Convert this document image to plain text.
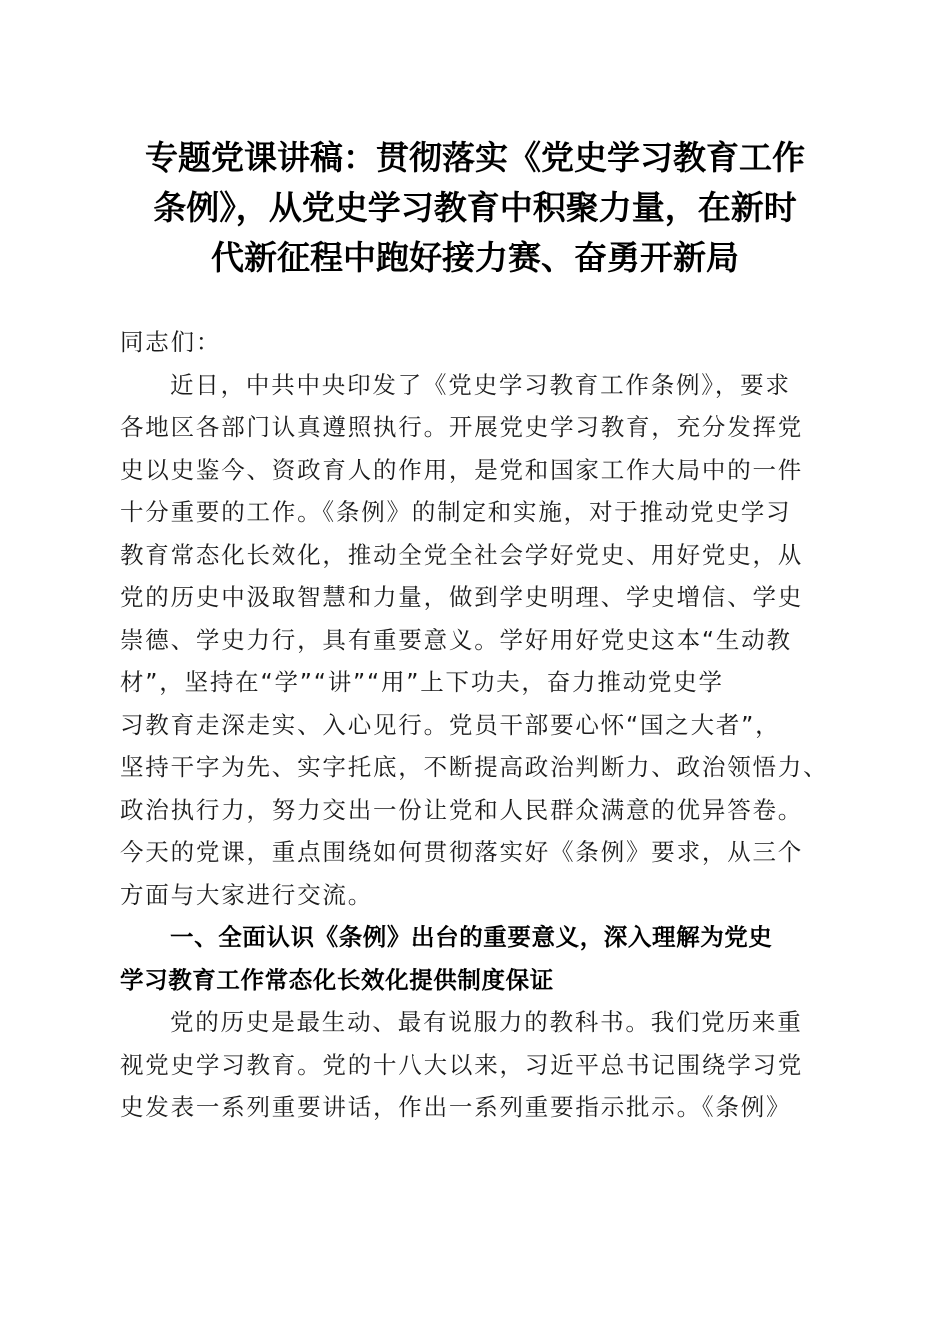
专题党课讲稿：贯彻落实《党史学习教育工作
条例》，从党史学习教育中积聚力量，在新时
代新征程中跑好接力赛、奋勇开新局
同志们：
近日，中共中央印发了《党史学习教育工作条例》，要求
各地区各部门认真遵照执行。开展党史学习教育，充分发挥党
史以史鉴今、资政育人的作用，是党和国家工作大局中的一件
十分重要的工作。《条例》的制定和实施，对于推动党史学习
教育常态化长效化，推动全党全社会学好党史、用好党史，从
党的历史中汲取智慧和力量，做到学史明理、学史增信、学史
崇德、学史力行，具有重要意义。学好用好党史这本“生动教
材”，坚持在“学”“讲”“用”上下功夫，奋力推动党史学
习教育走深走实、入心见行。党员干部要心怀“国之大者”，
坚持干字为先、实字托底，不断提高政治判断力、政治领悟力、
政治执行力，努力交出一份让党和人民群众满意的优异答卷。
今天的党课，重点围绕如何贯彻落实好《条例》要求，从三个
方面与大家进行交流。
一、全面认识《条例》出台的重要意义，深入理解为党史
学习教育工作常态化长效化提供制度保证
党的历史是最生动、最有说服力的教科书。我们党历来重
视党史学习教育。党的十八大以来，习近平总书记围绕学习党
史发表一系列重要讲话，作出一系列重要指示批示。《条例》
